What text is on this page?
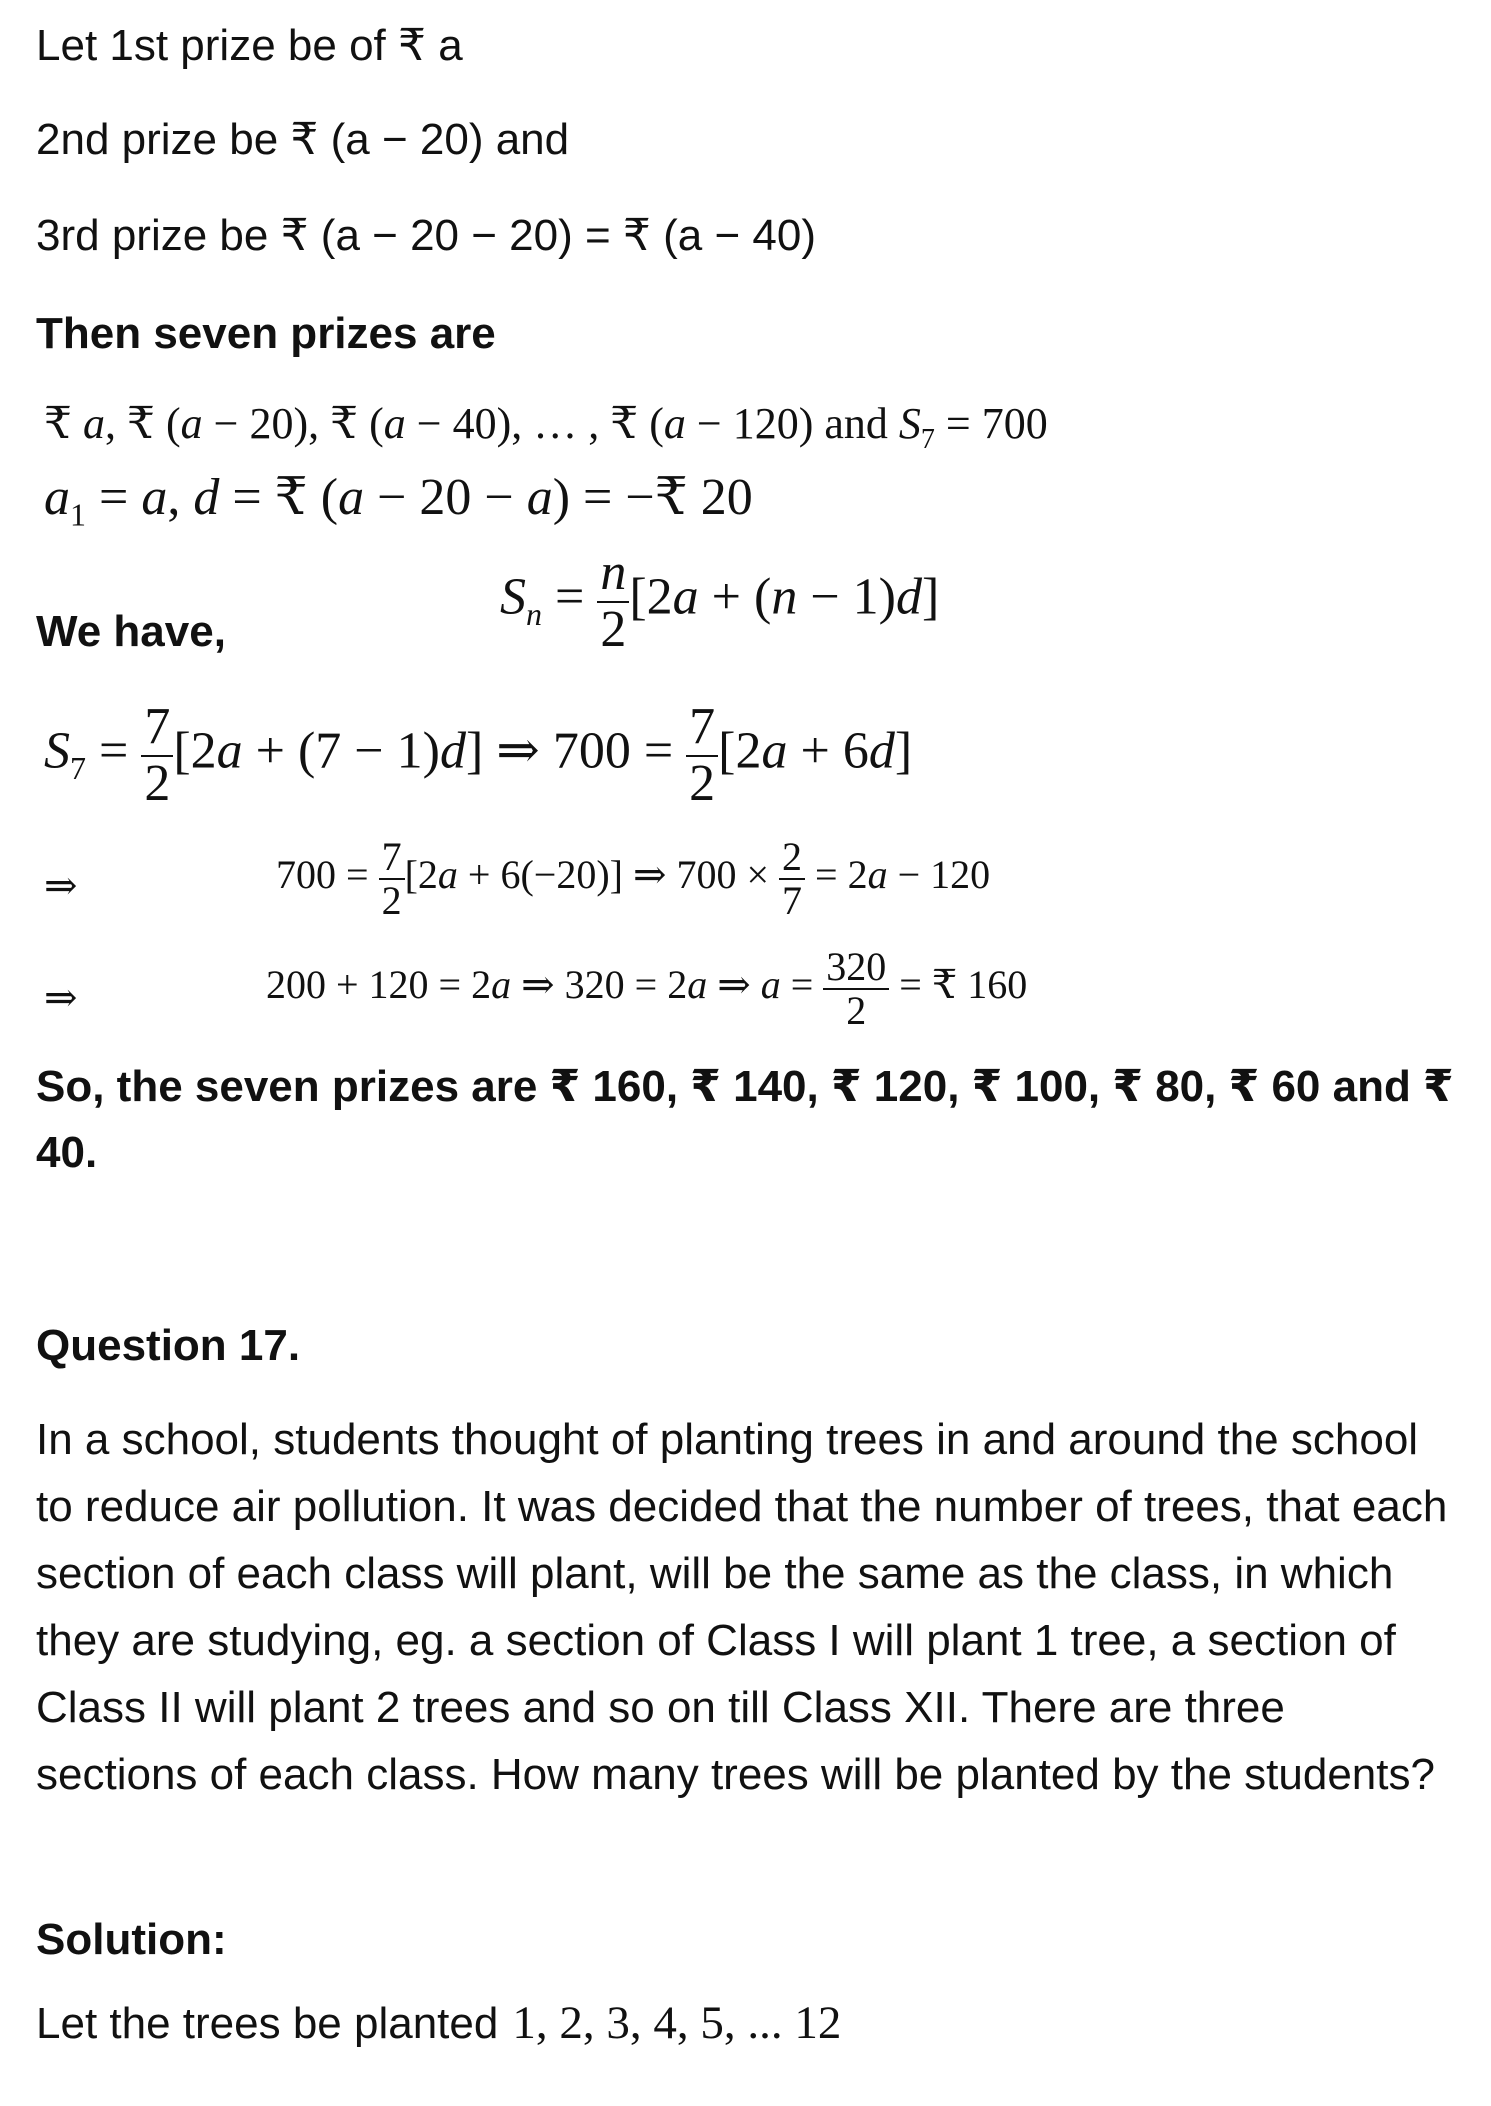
Let 1st prize be of ₹ a
2nd prize be ₹ (a − 20) and
3rd prize be ₹ (a − 20 − 20) = ₹ (a − 40)
Then seven prizes are
₹ a, ₹ (a − 20), ₹ (a − 40), … , ₹ (a − 120) and $S_7 = 700$
$a_1 = a$, d = ₹ (a − 20 − a) = −₹ 20
We have,
$S_n = \frac{n}{2} [2a + (n - 1)d]$
$S_7 = \frac{7}{2} [2a + (7 - 1)d]$ ⇒ $700 = \frac{7}{2} [2a + 6d]$
⇒	$700 = \frac{7}{2} [2a + 6(-20)]$ ⇒ $700 \times \frac{2}{7} = 2a - 120$
⇒	200 + 120 = 2a ⇒ 320 = 2a ⇒ $a = \frac{320}{2}$ = ₹ 160
So, the seven prizes are ₹ 160, ₹ 140, ₹ 120, ₹ 100, ₹ 80, ₹ 60 and ₹ 40.
Question 17.
In a school, students thought of planting trees in and around the school to reduce air pollution. It was decided that the number of trees, that each section of each class will plant, will be the same as the class, in which they are studying, eg. a section of Class I will plant 1 tree, a section of Class II will plant 2 trees and so on till Class XII. There are three sections of each class. How many trees will be planted by the students?
Solution:
Let the trees be planted 1, 2, 3, 4, 5, ... 12
